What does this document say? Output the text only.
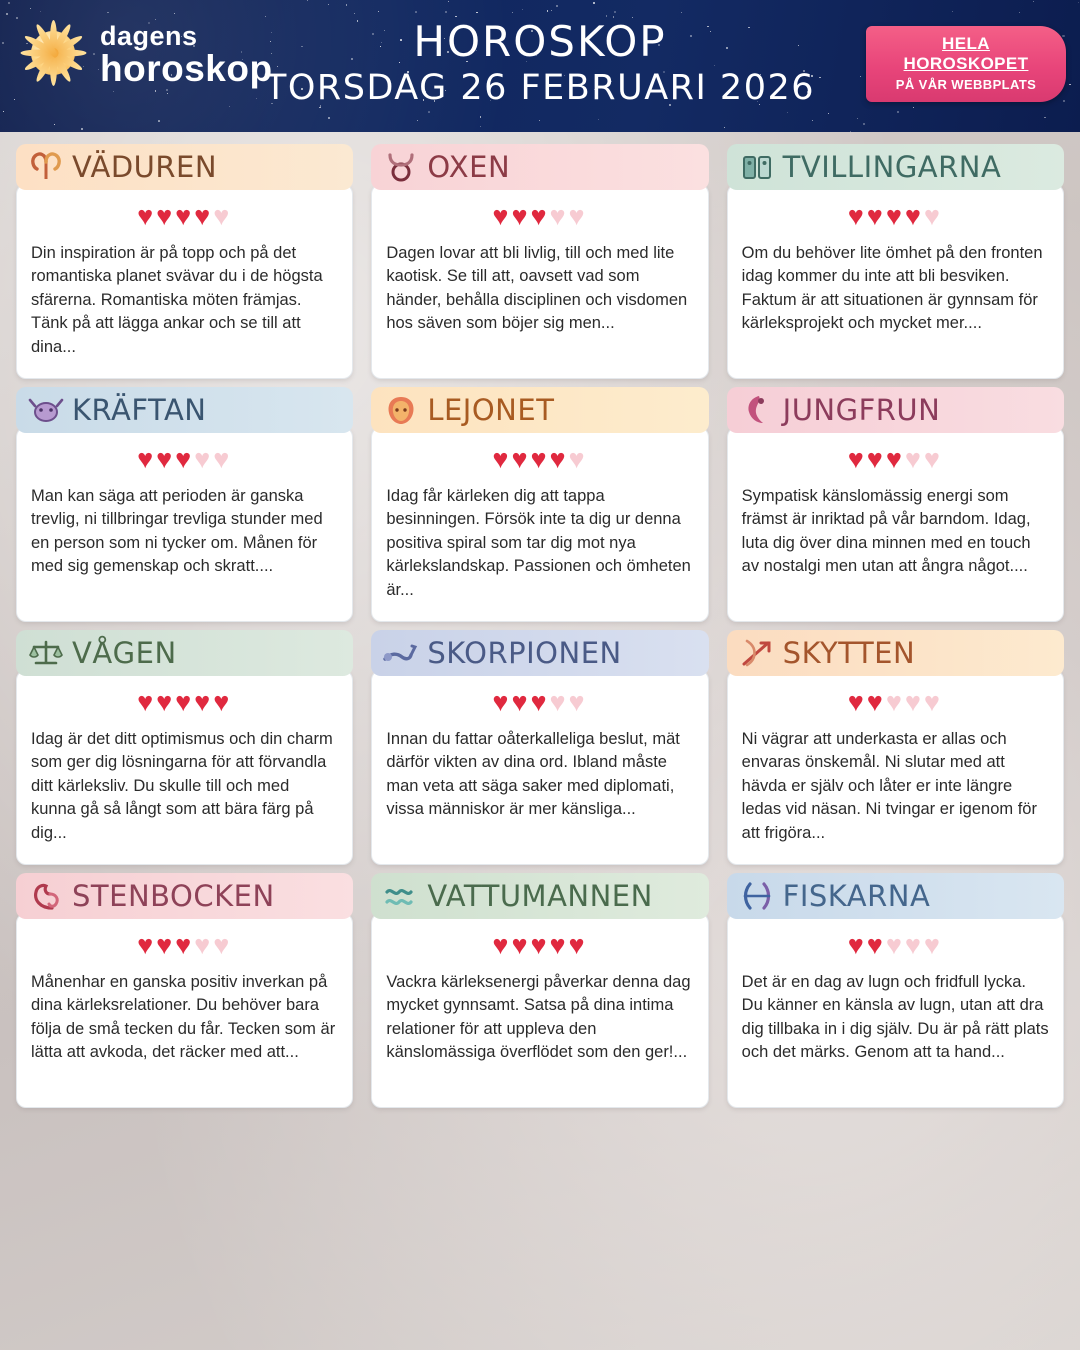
dagens
horoskop
HOROSKOP
TORSDAG 26 FEBRUARI 2026
HELA HOROSKOPET
PÅ VÅR WEBBPLATS
VÄDUREN
♥♥♥♥♥

Din inspiration är på topp och på det romantiska planet svävar du i de högsta sfärerna. Romantiska möten främjas. Tänk på att lägga ankar och se till att dina...

OXEN
♥♥♥♥♥

Dagen lovar att bli livlig, till och med lite kaotisk. Se till att, oavsett vad som händer, behålla disciplinen och visdomen hos säven som böjer sig men...

TVILLINGARNA
♥♥♥♥♥

Om du behöver lite ömhet på den fronten idag kommer du inte att bli besviken. Faktum är att situationen är gynnsam för kärleksprojekt och mycket mer....

KRÄFTAN
♥♥♥♥♥

Man kan säga att perioden är ganska trevlig, ni tillbringar trevliga stunder med en person som ni tycker om. Månen för med sig gemenskap och skratt....

LEJONET
♥♥♥♥♥

Idag får kärleken dig att tappa besinningen. Försök inte ta dig ur denna positiva spiral som tar dig mot nya kärlekslandskap. Passionen och ömheten är...

JUNGFRUN
♥♥♥♥♥

Sympatisk känslomässig energi som främst är inriktad på vår barndom. Idag, luta dig över dina minnen med en touch av nostalgi men utan att ångra något....

VÅGEN
♥♥♥♥♥

Idag är det ditt optimismus och din charm som ger dig lösningarna för att förvandla ditt kärleksliv. Du skulle till och med kunna gå så långt som att bära färg på dig...

SKORPIONEN
♥♥♥♥♥

Innan du fattar oåterkalleliga beslut, mät därför vikten av dina ord. Ibland måste man veta att säga saker med diplomati, vissa människor är mer känsliga...

SKYTTEN
♥♥♥♥♥

Ni vägrar att underkasta er allas och envaras önskemål. Ni slutar med att hävda er själv och låter er inte längre ledas vid näsan. Ni tvingar er igenom för att frigöra...

STENBOCKEN
♥♥♥♥♥

Månenhar en ganska positiv inverkan på dina kärleksrelationer. Du behöver bara följa de små tecken du får. Tecken som är lätta att avkoda, det räcker med att...

VATTUMANNEN
♥♥♥♥♥

Vackra kärleksenergi påverkar denna dag mycket gynnsamt. Satsa på dina intima relationer för att uppleva den känslomässiga överflödet som den ger!...

FISKARNA
♥♥♥♥♥

Det är en dag av lugn och fridfull lycka. Du känner en känsla av lugn, utan att dra dig tillbaka in i dig själv. Du är på rätt plats och det märks. Genom att ta hand...
